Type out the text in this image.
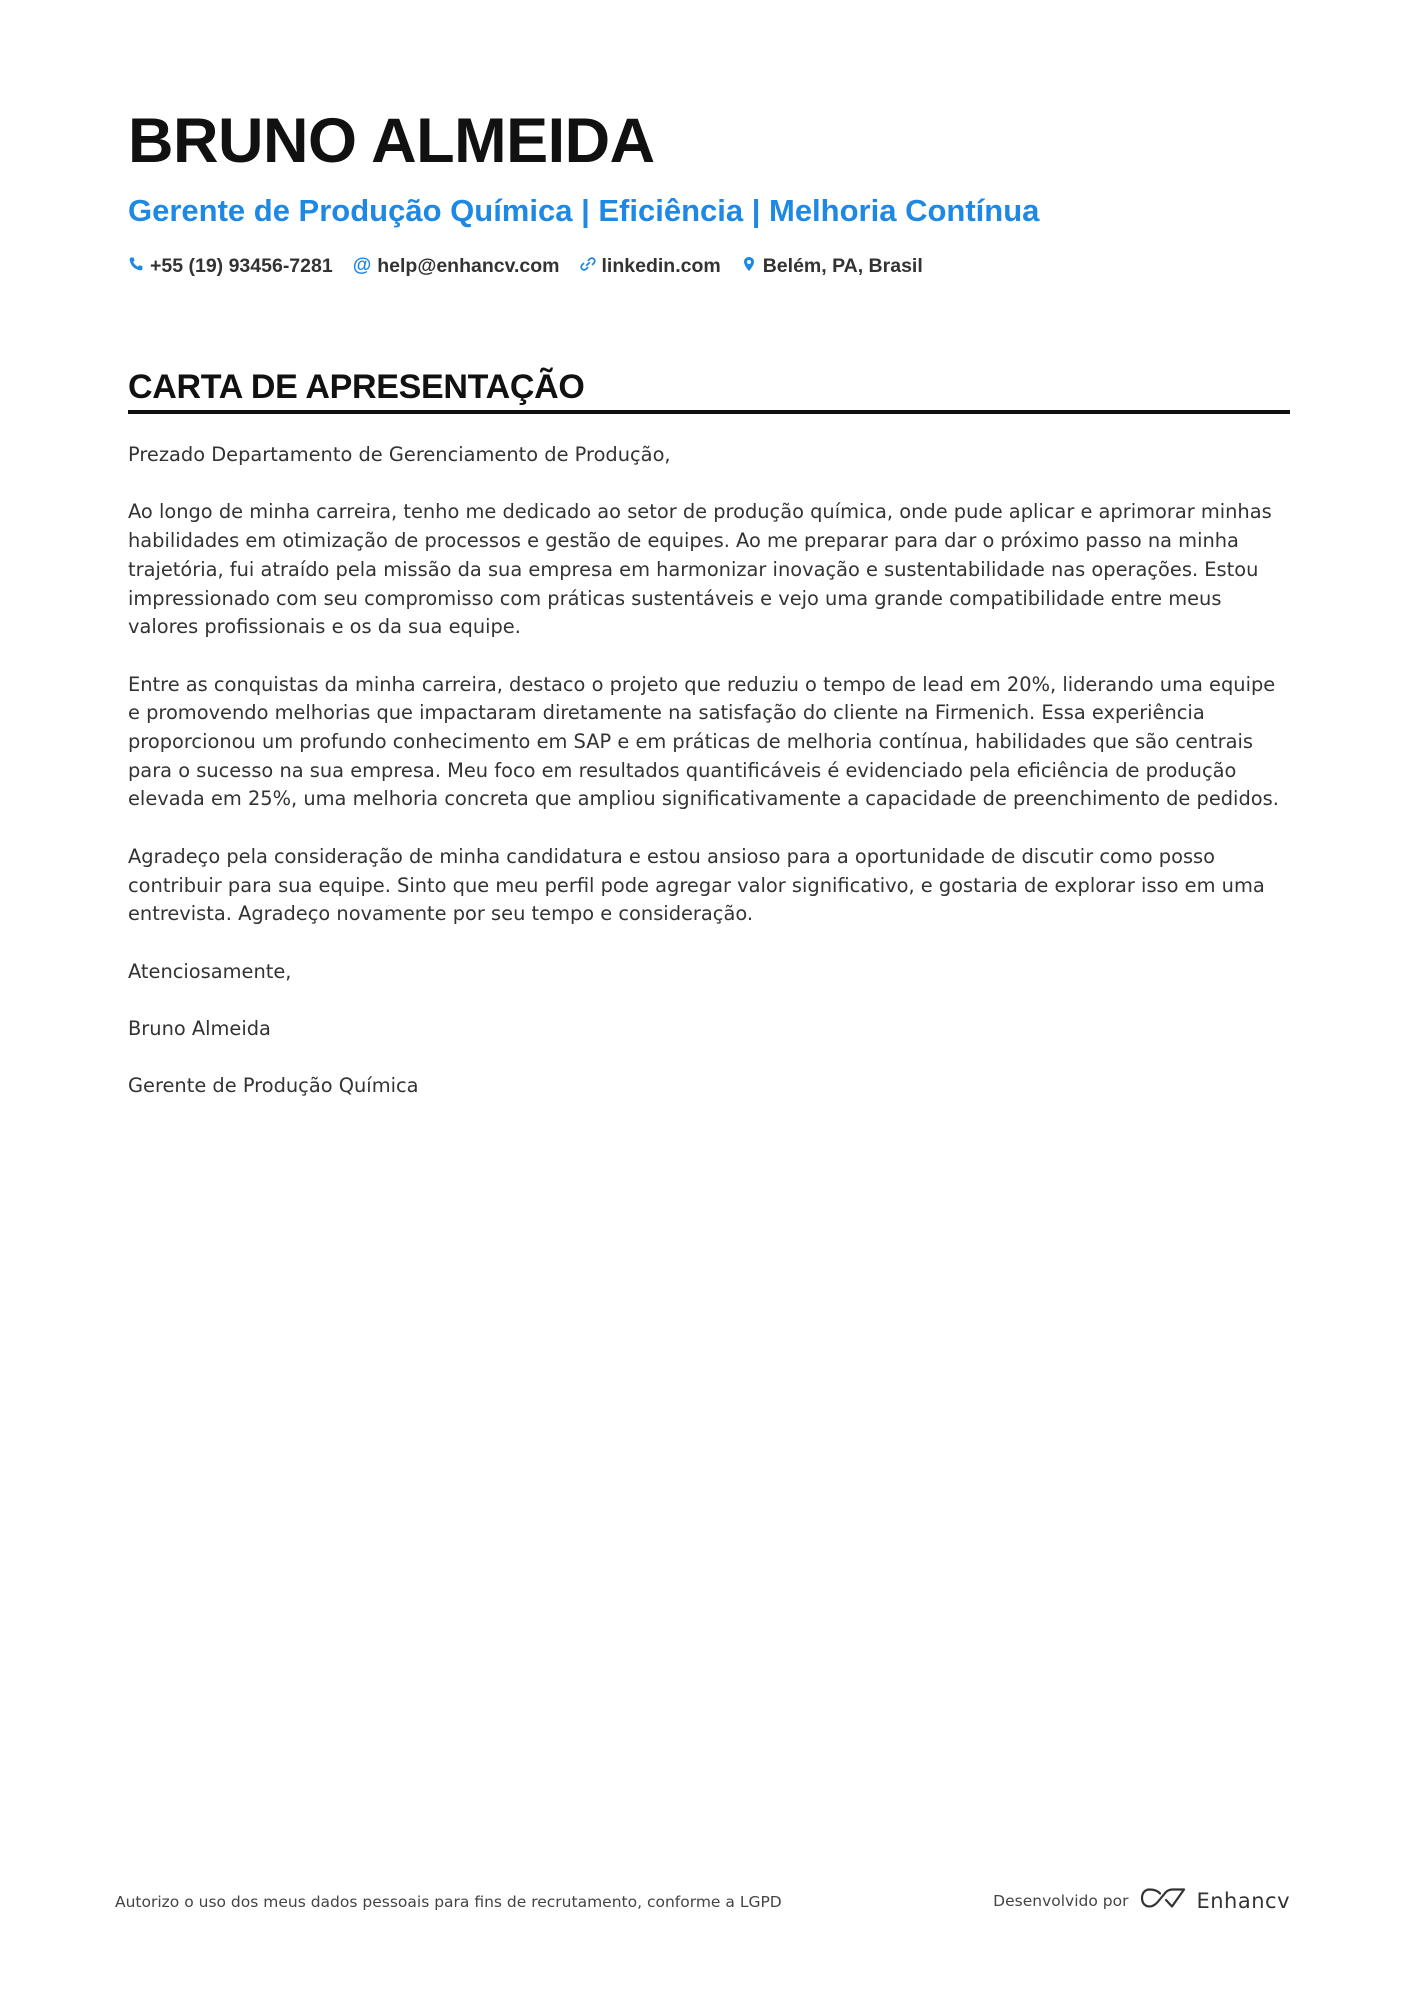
BRUNO ALMEIDA
Gerente de Produção Química | Eficiência | Melhoria Contínua
+55 (19) 93456-7281 @ help@enhancv.com linkedin.com Belém, PA, Brasil
CARTA DE APRESENTAÇÃO

Prezado Departamento de Gerenciamento de Produção,

Ao longo de minha carreira, tenho me dedicado ao setor de produção química, onde pude aplicar e aprimorar minhas habilidades em otimização de processos e gestão de equipes. Ao me preparar para dar o próximo passo na minha trajetória, fui atraído pela missão da sua empresa em harmonizar inovação e sustentabilidade nas operações. Estou impressionado com seu compromisso com práticas sustentáveis e vejo uma grande compatibilidade entre meus valores profissionais e os da sua equipe.

Entre as conquistas da minha carreira, destaco o projeto que reduziu o tempo de lead em 20%, liderando uma equipe e promovendo melhorias que impactaram diretamente na satisfação do cliente na Firmenich. Essa experiência proporcionou um profundo conhecimento em SAP e em práticas de melhoria contínua, habilidades que são centrais para o sucesso na sua empresa. Meu foco em resultados quantificáveis é evidenciado pela eficiência de produção elevada em 25%, uma melhoria concreta que ampliou significativamente a capacidade de preenchimento de pedidos.

Agradeço pela consideração de minha candidatura e estou ansioso para a oportunidade de discutir como posso contribuir para sua equipe. Sinto que meu perfil pode agregar valor significativo, e gostaria de explorar isso em uma entrevista. Agradeço novamente por seu tempo e consideração.

Atenciosamente,

Bruno Almeida

Gerente de Produção Química

Autorizo o uso dos meus dados pessoais para fins de recrutamento, conforme a LGPD	Desenvolvido por	Enhancv
